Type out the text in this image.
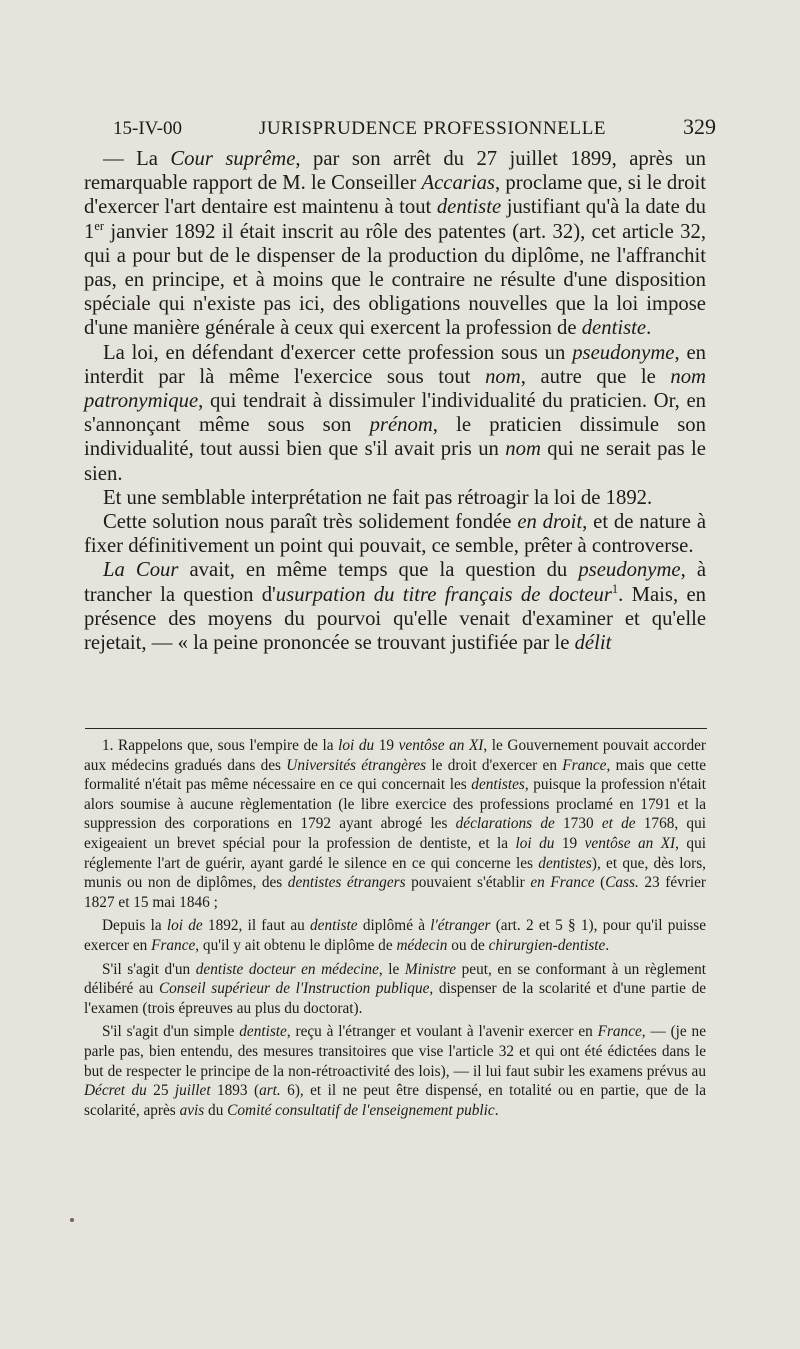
15-IV-00	JURISPRUDENCE PROFESSIONNELLE	329

— La Cour suprême, par son arrêt du 27 juillet 1899, après un remarquable rapport de M. le Conseiller Accarias, proclame que, si le droit d'exercer l'art dentaire est maintenu à tout dentiste justifiant qu'à la date du 1er janvier 1892 il était inscrit au rôle des patentes (art. 32), cet article 32, qui a pour but de le dispenser de la production du diplôme, ne l'affranchit pas, en principe, et à moins que le contraire ne résulte d'une disposition spéciale qui n'existe pas ici, des obligations nouvelles que la loi impose d'une manière générale à ceux qui exercent la profession de dentiste.

La loi, en défendant d'exercer cette profession sous un pseudonyme, en interdit par là même l'exercice sous tout nom, autre que le nom patronymique, qui tendrait à dissimuler l'individualité du praticien. Or, en s'annonçant même sous son prénom, le praticien dissimule son individualité, tout aussi bien que s'il avait pris un nom qui ne serait pas le sien.

Et une semblable interprétation ne fait pas rétroagir la loi de 1892.

Cette solution nous paraît très solidement fondée en droit, et de nature à fixer définitivement un point qui pouvait, ce semble, prêter à controverse.

La Cour avait, en même temps que la question du pseudonyme, à trancher la question d'usurpation du titre français de docteur$^1$. Mais, en présence des moyens du pourvoi qu'elle venait d'examiner et qu'elle rejetait, — « la peine prononcée se trouvant justifiée par le délit

1. Rappelons que, sous l'empire de la loi du 19 ventôse an XI, le Gouvernement pouvait accorder aux médecins gradués dans des Universités étrangères le droit d'exercer en France, mais que cette formalité n'était pas même nécessaire en ce qui concernait les dentistes, puisque la profession n'était alors soumise à aucune règlementation (le libre exercice des professions proclamé en 1791 et la suppression des corporations en 1792 ayant abrogé les déclarations de 1730 et de 1768, qui exigeaient un brevet spécial pour la profession de dentiste, et la loi du 19 ventôse an XI, qui réglemente l'art de guérir, ayant gardé le silence en ce qui concerne les dentistes), et que, dès lors, munis ou non de diplômes, des dentistes étrangers pouvaient s'établir en France (Cass. 23 février 1827 et 15 mai 1846 ;

Depuis la loi de 1892, il faut au dentiste diplômé à l'étranger (art. 2 et 5 § 1), pour qu'il puisse exercer en France, qu'il y ait obtenu le diplôme de médecin ou de chirurgien-dentiste.

S'il s'agit d'un dentiste docteur en médecine, le Ministre peut, en se conformant à un règlement délibéré au Conseil supérieur de l'Instruction publique, dispenser de la scolarité et d'une partie de l'examen (trois épreuves au plus du doctorat).

S'il s'agit d'un simple dentiste, reçu à l'étranger et voulant à l'avenir exercer en France, — (je ne parle pas, bien entendu, des mesures transitoires que vise l'article 32 et qui ont été édictées dans le but de respecter le principe de la non-rétroactivité des lois), — il lui faut subir les examens prévus au Décret du 25 juillet 1893 (art. 6), et il ne peut être dispensé, en totalité ou en partie, que de la scolarité, après avis du Comité consultatif de l'enseignement public.
